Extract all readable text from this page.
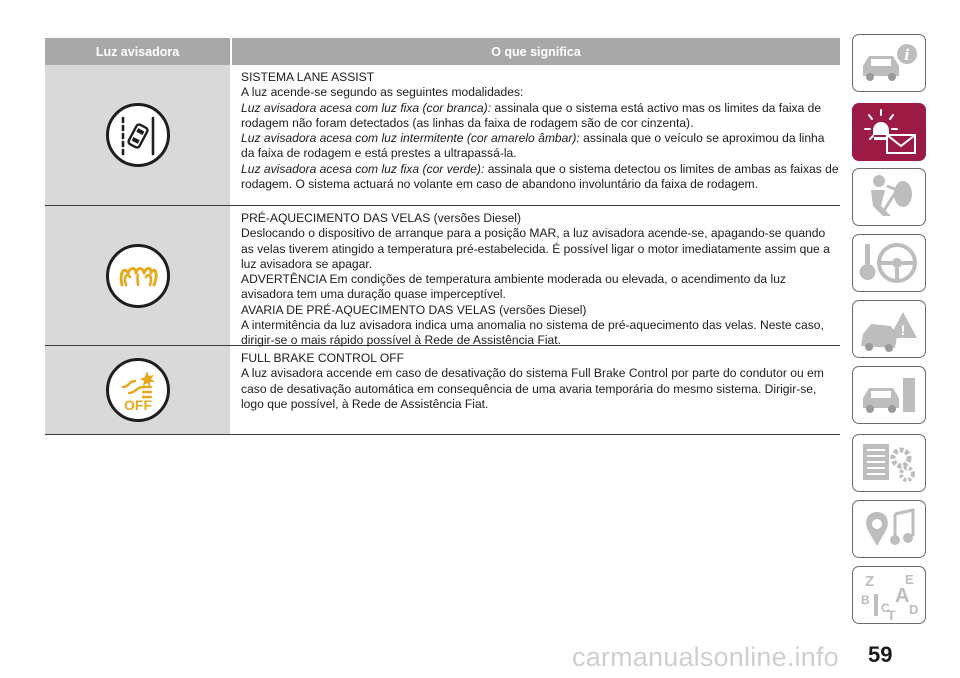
Luz avisadora	O que significa

SISTEMA LANE ASSIST

A luz acende-se segundo as seguintes modalidades:

Luz avisadora acesa com luz fixa (cor branca): assinala que o sistema está activo mas os limites da faixa de rodagem não foram detectados (as linhas da faixa de rodagem são de cor cinzenta).

Luz avisadora acesa com luz intermitente (cor amarelo âmbar): assinala que o veículo se aproximou da linha da faixa de rodagem e está prestes a ultrapassá-la.

Luz avisadora acesa com luz fixa (cor verde): assinala que o sistema detectou os limites de ambas as faixas de rodagem. O sistema actuará no volante em caso de abandono involuntário da faixa de rodagem.

PRÉ-AQUECIMENTO DAS VELAS (versões Diesel)

Deslocando o dispositivo de arranque para a posição MAR, a luz avisadora acende-se, apagando-se quando as velas tiverem atingido a temperatura pré-estabelecida. É possível ligar o motor imediatamente assim que a luz avisadora se apagar.

ADVERTÊNCIA Em condições de temperatura ambiente moderada ou elevada, o acendimento da luz avisadora tem uma duração quase imperceptível.

AVARIA DE PRÉ-AQUECIMENTO DAS VELAS (versões Diesel)

A intermitência da luz avisadora indica uma anomalia no sistema de pré-aquecimento das velas. Neste caso, dirigir-se o mais rápido possível à Rede de Assistência Fiat.

OFF

FULL BRAKE CONTROL OFF

A luz avisadora accende em caso de desativação do sistema Full Brake Control por parte do condutor ou em caso de desativação automática em consequência de uma avaria temporária do mesmo sistema. Dirigir-se, logo que possível, à Rede de Assistência Fiat.

i
!
Z E
B A
C D
T
59
carmanualsonline.info
